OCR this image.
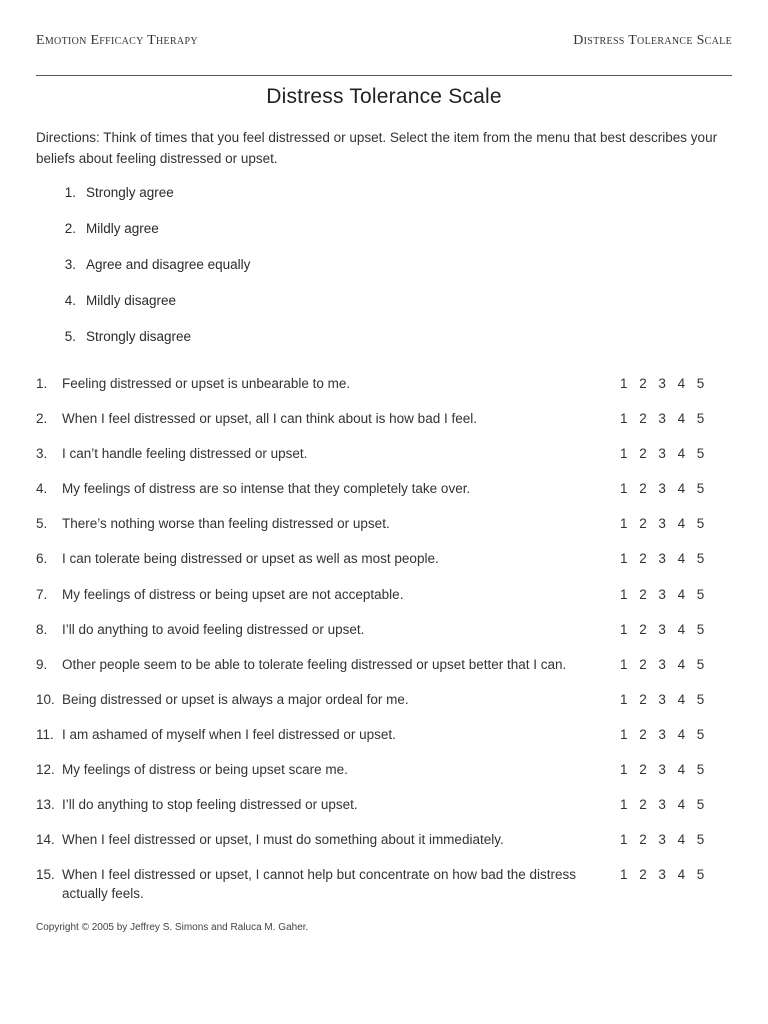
Emotion Efficacy Therapy	Distress Tolerance Scale
Distress Tolerance Scale
Directions: Think of times that you feel distressed or upset. Select the item from the menu that best describes your beliefs about feeling distressed or upset.
1. Strongly agree
2. Mildly agree
3. Agree and disagree equally
4. Mildly disagree
5. Strongly disagree
1.	Feeling distressed or upset is unbearable to me.	1 2 3 4 5
2.	When I feel distressed or upset, all I can think about is how bad I feel.	1 2 3 4 5
3.	I can’t handle feeling distressed or upset.	1 2 3 4 5
4.	My feelings of distress are so intense that they completely take over.	1 2 3 4 5
5.	There’s nothing worse than feeling distressed or upset.	1 2 3 4 5
6.	I can tolerate being distressed or upset as well as most people.	1 2 3 4 5
7.	My feelings of distress or being upset are not acceptable.	1 2 3 4 5
8.	I’ll do anything to avoid feeling distressed or upset.	1 2 3 4 5
9.	Other people seem to be able to tolerate feeling distressed or upset better that I can.	1 2 3 4 5
10. Being distressed or upset is always a major ordeal for me.	1 2 3 4 5
11. I am ashamed of myself when I feel distressed or upset.	1 2 3 4 5
12. My feelings of distress or being upset scare me.	1 2 3 4 5
13. I’ll do anything to stop feeling distressed or upset.	1 2 3 4 5
14. When I feel distressed or upset, I must do something about it immediately.	1 2 3 4 5
15. When I feel distressed or upset, I cannot help but concentrate on how bad the distress actually feels.
1 2 3 4 5
Copyright © 2005 by Jeffrey S. Simons and Raluca M. Gaher.
